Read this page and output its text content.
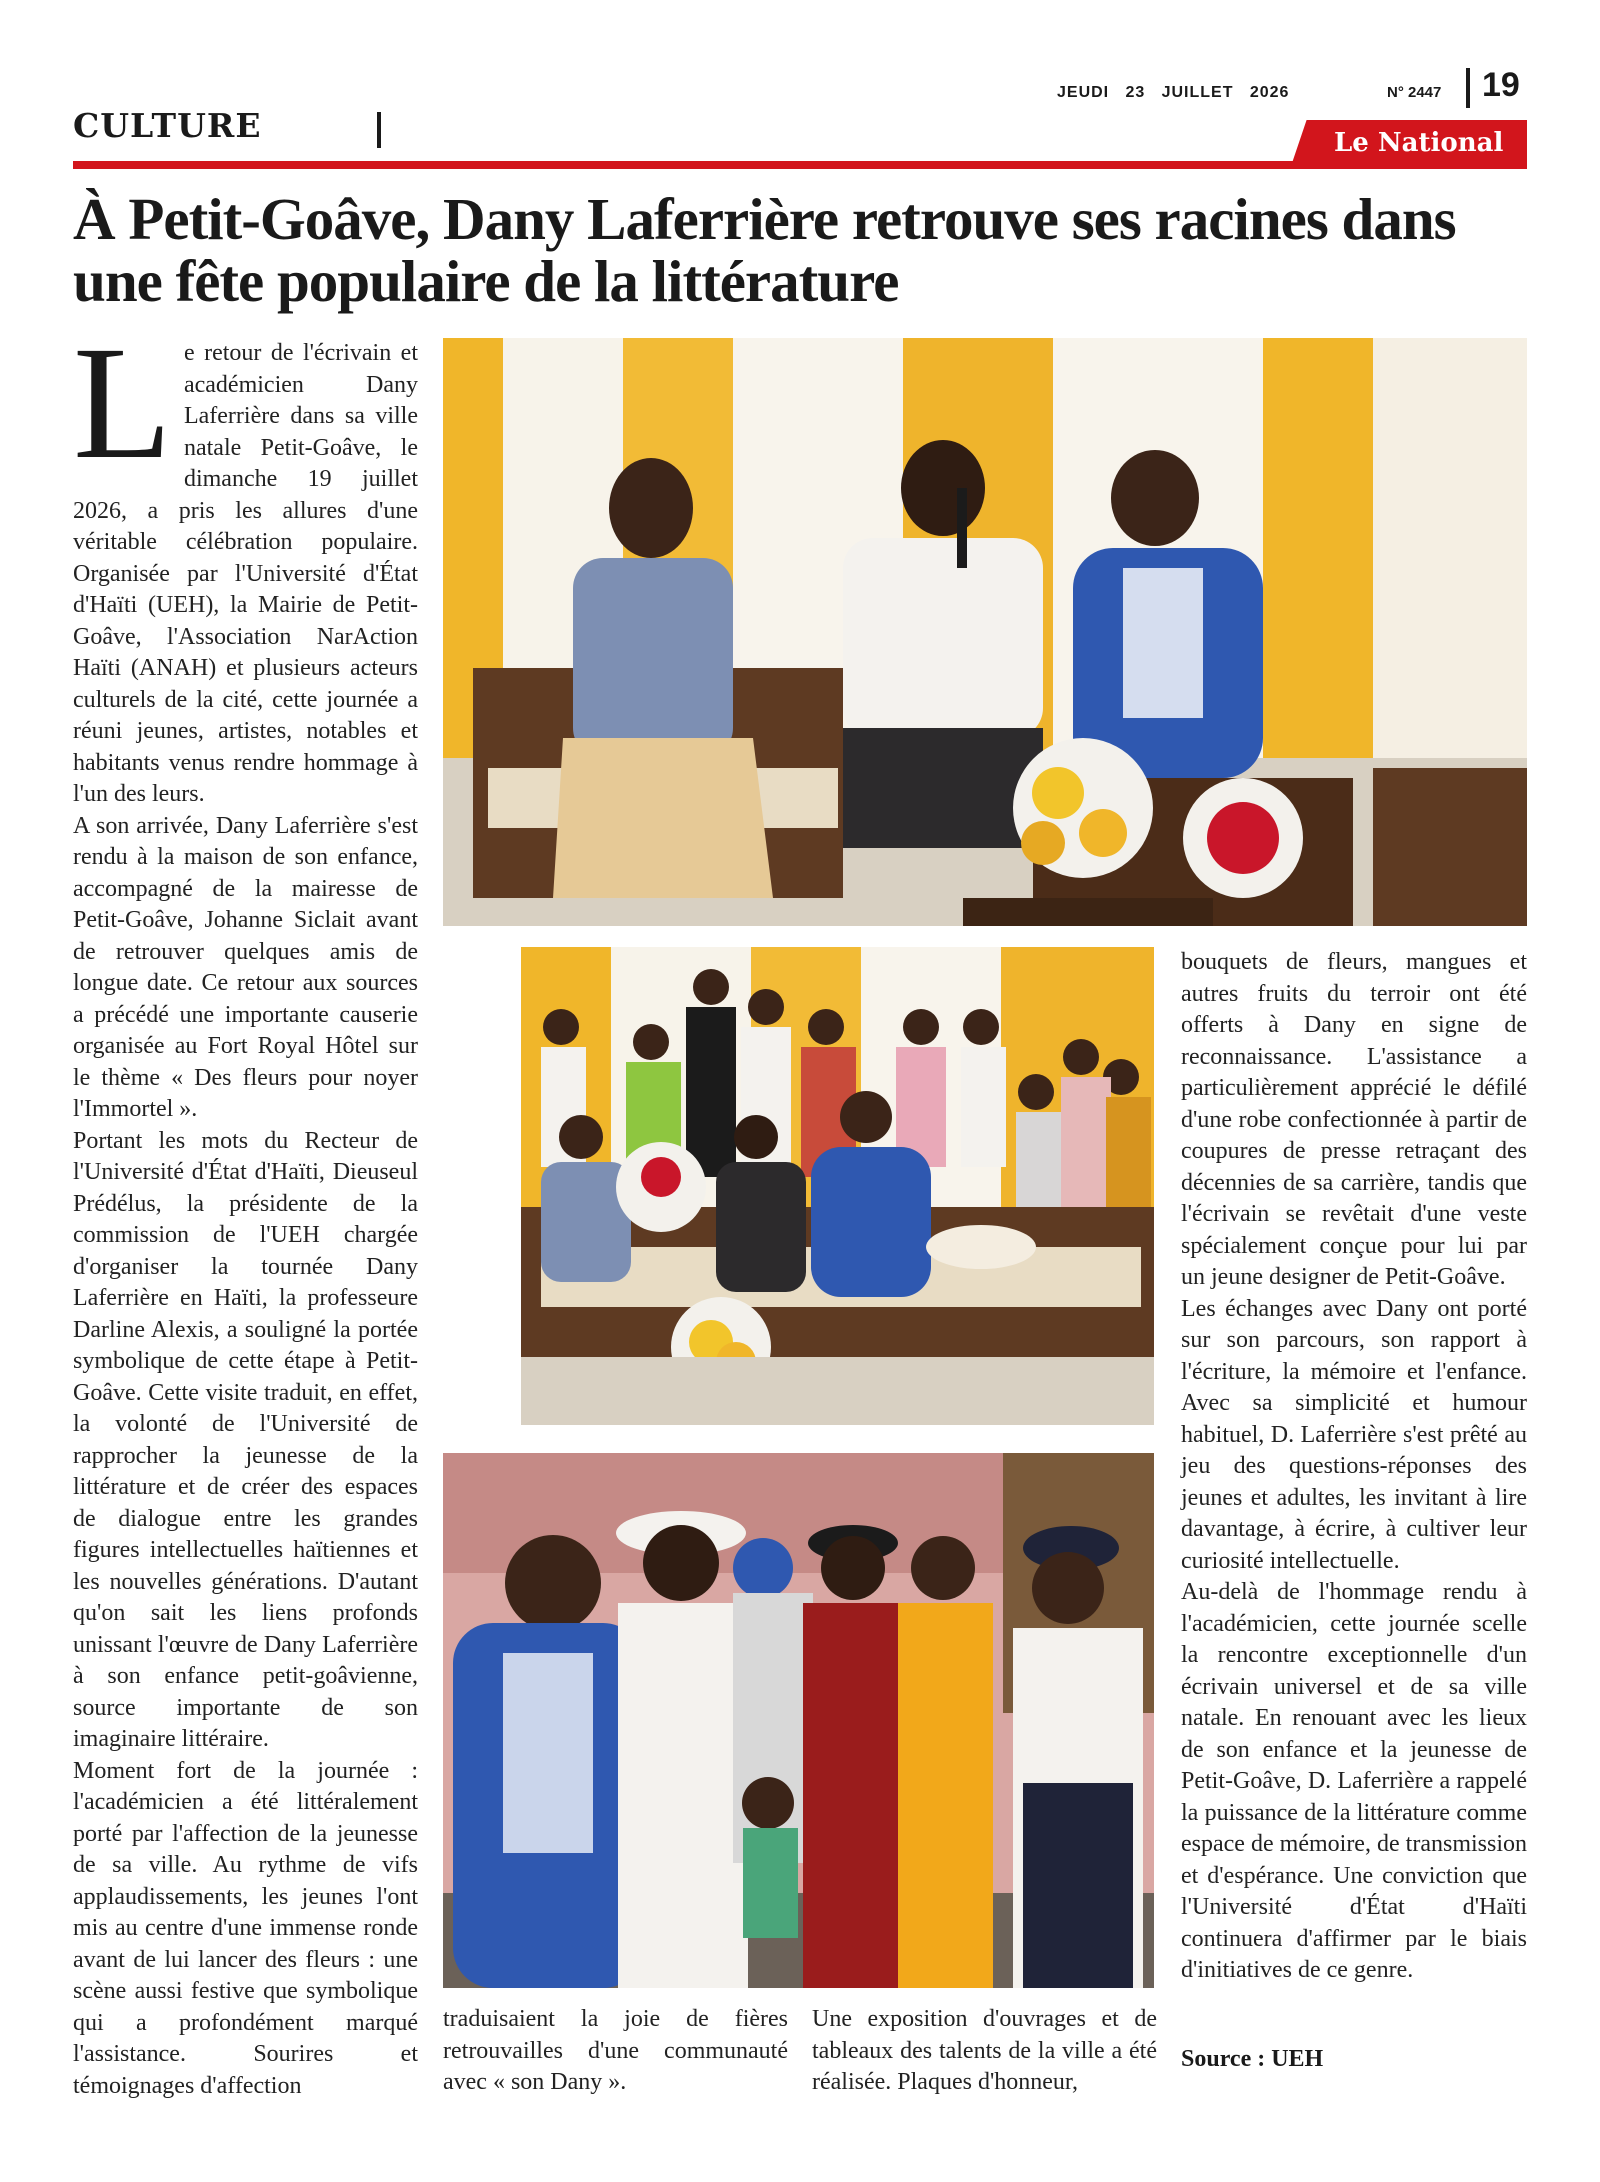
JEUDI   23   JUILLET   2026	N° 2447 19
CULTURE	Le National
À Petit-Goâve, Dany Laferrière retrouve ses racines dans une fête populaire de la littérature

Le retour de l'écrivain et académicien Dany Laferrière dans sa ville natale Petit-Goâve, le dimanche 19 juillet 2026, a pris les allures d'une véritable célébration populaire. Organisée par l'Université d'État d'Haïti (UEH), la Mairie de Petit-Goâve, l'Association NarAction Haïti (ANAH) et plusieurs acteurs culturels de la cité, cette journée a réuni jeunes, artistes, notables et habitants venus rendre hommage à l'un des leurs.

A son arrivée, Dany Laferrière s'est rendu à la maison de son enfance, accompagné de la mairesse de Petit-Goâve, Johanne Siclait avant de retrouver quelques amis de longue date. Ce retour aux sources a précédé une importante causerie organisée au Fort Royal Hôtel sur le thème « Des fleurs pour noyer l'Immortel ».

Portant les mots du Recteur de l'Université d'État d'Haïti, Dieuseul Prédélus, la présidente de la commission de l'UEH chargée d'organiser la tournée Dany Laferrière en Haïti, la professeure Darline Alexis, a souligné la portée symbolique de cette étape à Petit-Goâve. Cette visite traduit, en effet, la volonté de l'Université de rapprocher la jeunesse de la littérature et de créer des espaces de dialogue entre les grandes figures intellectuelles haïtiennes et les nouvelles générations. D'autant qu'on sait les liens profonds unissant l'œuvre de Dany Laferrière à son enfance petit-goâvienne, source importante de son imaginaire littéraire.

Moment fort de la journée : l'académicien a été littéralement porté par l'affection de la jeunesse de sa ville. Au rythme de vifs applaudissements, les jeunes l'ont mis au centre d'une immense ronde avant de lui lancer des fleurs : une scène aussi festive que symbolique qui a profondément marqué l'assistance. Sourires et témoignages d'affection

traduisaient la joie de fières retrouvailles d'une communauté avec « son Dany ».

Une exposition d'ouvrages et de tableaux des talents de la ville a été réalisée. Plaques d'honneur,

bouquets de fleurs, mangues et autres fruits du terroir ont été offerts à Dany en signe de reconnaissance. L'assistance a particulièrement apprécié le défilé d'une robe confectionnée à partir de coupures de presse retraçant des décennies de sa carrière, tandis que l'écrivain se revêtait d'une veste spécialement conçue pour lui par un jeune designer de Petit-Goâve.

Les échanges avec Dany ont porté sur son parcours, son rapport à l'écriture, la mémoire et l'enfance. Avec sa simplicité et humour habituel, D. Laferrière s'est prêté au jeu des questions-réponses des jeunes et adultes, les invitant à lire davantage, à écrire, à cultiver leur curiosité intellectuelle.

Au-delà de l'hommage rendu à l'académicien, cette journée scelle la rencontre exceptionnelle d'un écrivain universel et de sa ville natale. En renouant avec les lieux de son enfance et la jeunesse de Petit-Goâve, D. Laferrière a rappelé la puissance de la littérature comme espace de mémoire, de transmission et d'espérance. Une conviction que l'Université d'État d'Haïti continuera d'affirmer par le biais d'initiatives de ce genre.

Source : UEH
